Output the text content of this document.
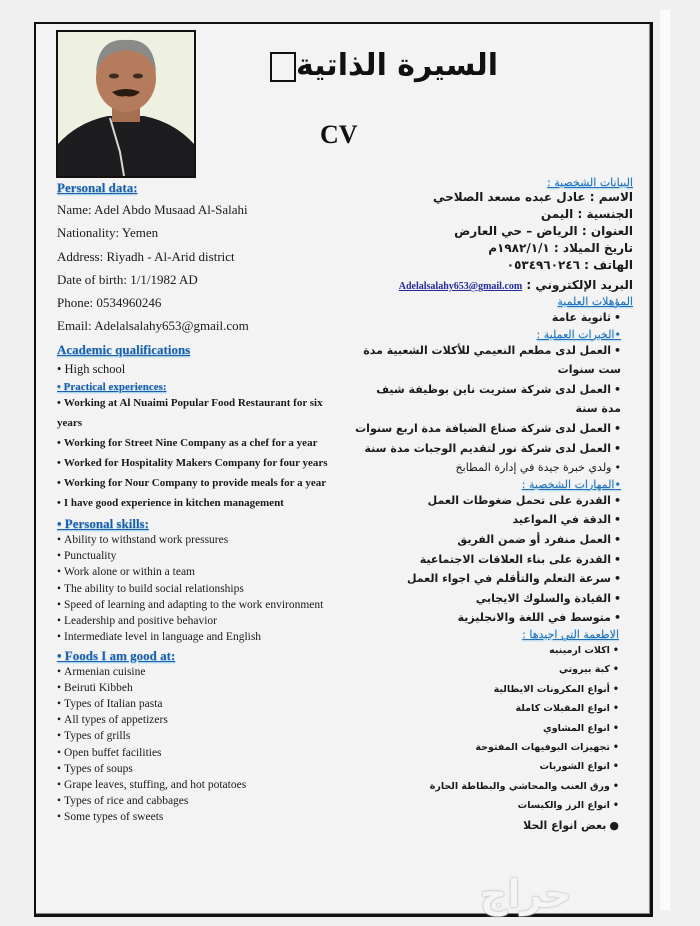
السيرة الذاتية
CV
Personal data:
Name: Adel Abdo Musaad Al-Salahi
Nationality: Yemen
Address: Riyadh - Al-Arid district
Date of birth: 1/1/1982 AD
Phone: 0534960246
Email: Adelalsalahy653@gmail.com
Academic qualifications
• High school
• Practical experiences:
• Working at Al Nuaimi Popular Food Restaurant for six years
• Working for Street Nine Company as a chef for a year
• Worked for Hospitality Makers Company for four years
• Working for Nour Company to provide meals for a year
• I have good experience in kitchen management
• Personal skills:
• Ability to withstand work pressures
• Punctuality
• Work alone or within a team
• The ability to build social relationships
• Speed of learning and adapting to the work environment
• Leadership and positive behavior
• Intermediate level in language and English
• Foods I am good at:
• Armenian cuisine
• Beiruti Kibbeh
• Types of Italian pasta
• All types of appetizers
• Types of grills
• Open buffet facilities
• Types of soups
• Grape leaves, stuffing, and hot potatoes
• Types of rice and cabbages
• Some types of sweets
البيانات الشخصية :
الاسم : عادل عبده مسعد الصلاحي
الجنسية : اليمن
العنوان : الرياض – حي العارض
تاريخ الميلاد : ١٩٨٢/١/١م
الهاتف : ٠٥٣٤٩٦٠٢٤٦
البريد الإلكتروني : Adelalsalahy653@gmail.com
المؤهلات العلمية
•ثانوية عامة
•الخبرات العملية :
•العمل لدى مطعم النعيمي للأكلات الشعبية مدة ست سنوات
•العمل لدى شركة ستريت ناين بوظيفة شيف مدة سنة
•العمل لدى شركة صناع الضيافة مدة اربع سنوات
•العمل لدى شركة نور لتقديم الوجبات مدة سنة
•ولدي خبرة جيدة في إدارة المطابخ
•المهارات الشخصية :
•القدرة على تحمل ضغوطات العمل
•الدقة في المواعيد
•العمل منفرد أو ضمن الفريق
•القدرة على بناء العلاقات الاجتماعية
•سرعة التعلم والتأقلم في اجواء العمل
•القيادة والسلوك الايجابي
•متوسط في اللغة والانجليزية
الاطعمة التي اجيدها :
•اكلات ارمينيه
•كبة بيروتي
•أنواع المكرونات الايطالية
•انواع المقبلات كاملة
•انواع المشاوي
•تجهيزات البوفيهات المفتوحة
•انواع الشوربات
•ورق العنب والمحاشي والبطاطة الحارة
•انواع الرز والكبسات
●بعض انواع الحلا
حراج
